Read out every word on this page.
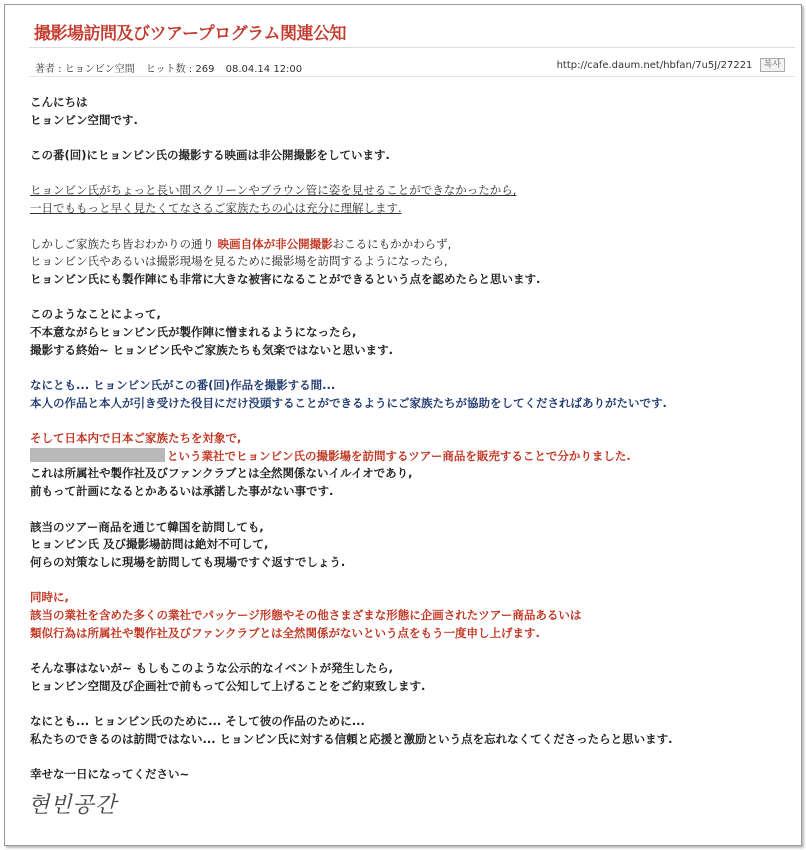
撮影場訪問及びツアープログラム関連公知
著者 : ヒョンビン空間 ヒット数 : 269 08.04.14 12:00	http://cafe.daum.net/hbfan/7u5J/27221 복사
こんにちは
ヒョンビン空間です.
この番(回)にヒョンビン氏の撮影する映画は非公開撮影をしています.
ヒョンビン氏がちょっと長い間スクリーンやブラウン管に姿を見せることができなかったから,
一日でももっと早く見たくてなさるご家族たちの心は充分に理解します.
しかしご家族たち皆おわかりの通り 映画自体が非公開撮影おこるにもかかわらず,
ヒョンビン氏やあるいは撮影現場を見るために撮影場を訪問するようになったら,
ヒョンビン氏にも製作陣にも非常に大きな被害になることができるという点を認めたらと思います.
このようなことによって,
不本意ながらヒョンビン氏が製作陣に憎まれるようになったら,
撮影する終始~ ヒョンビン氏やご家族たちも気楽ではないと思います.
なにとも... ヒョンビン氏がこの番(回)作品を撮影する間...
本人の作品と本人が引き受けた役目にだけ没頭することができるようにご家族たちが協助をしてくださればありがたいです.
そして日本内で日本ご家族たちを対象で,
という業社でヒョンビン氏の撮影場を訪問するツアー商品を販売することで分かりました.
これは所属社や製作社及びファンクラブとは全然関係ないイルイオであり,
前もって計画になるとかあるいは承諾した事がない事です.
該当のツアー商品を通じて韓国を訪問しても,
ヒョンビン氏 及び撮影場訪問は絶対不可して,
何らの対策なしに現場を訪問しても現場ですぐ返すでしょう.
同時に,
該当の業社を含めた多くの業社でパッケージ形態やその他さまざまな形態に企画されたツアー商品あるいは
類似行為は所属社や製作社及びファンクラブとは全然関係がないという点をもう一度申し上げます.
そんな事はないが~ もしもこのような公示的なイベントが発生したら,
ヒョンビン空間及び企画社で前もって公知して上げることをご約束致します.
なにとも... ヒョンビン氏のために... そして彼の作品のために...
私たちのできるのは訪問ではない... ヒョンビン氏に対する信頼と応援と激励という点を忘れなくてくださったらと思います.
幸せな一日になってください~
현빈공간
